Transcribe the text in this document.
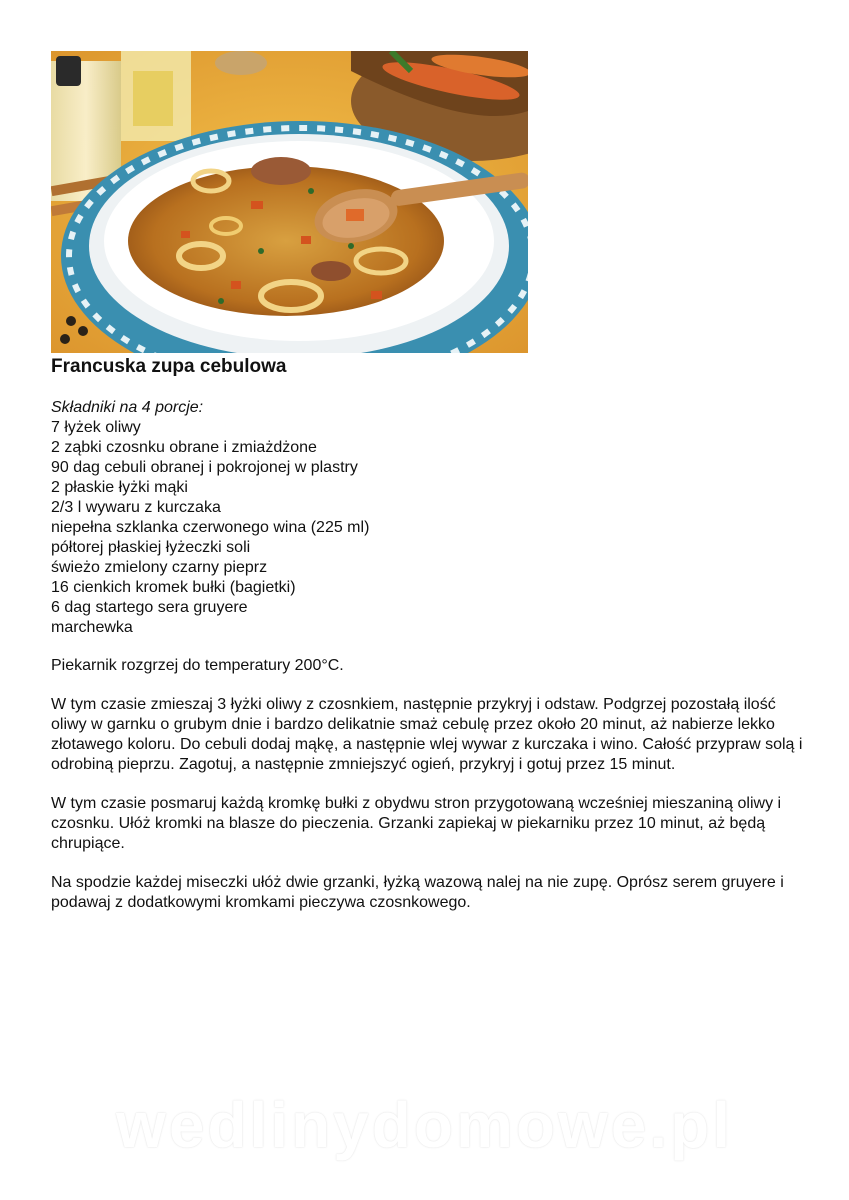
Francuska zupa cebulowa
Składniki na 4 porcje:
7 łyżek oliwy
2 ząbki czosnku obrane i zmiażdżone
90 dag cebuli obranej i pokrojonej w plastry
2 płaskie łyżki mąki
2/3 l wywaru z kurczaka
niepełna szklanka czerwonego wina (225 ml)
półtorej płaskiej łyżeczki soli
świeżo zmielony czarny pieprz
16 cienkich kromek bułki (bagietki)
6 dag startego sera gruyere
marchewka

Piekarnik rozgrzej do temperatury 200°C.

W tym czasie zmieszaj 3 łyżki oliwy z czosnkiem, następnie przykryj i odstaw. Podgrzej pozostałą ilość oliwy w garnku o grubym dnie i bardzo delikatnie smaż cebulę przez około 20 minut, aż nabierze lekko złotawego koloru. Do cebuli dodaj mąkę, a następnie wlej wywar z kurczaka i wino. Całość przypraw solą i odrobiną pieprzu. Zagotuj, a następnie zmniejszyć ogień, przykryj i gotuj przez 15 minut.

W tym czasie posmaruj każdą kromkę bułki z obydwu stron przygotowaną wcześniej mieszaniną oliwy i czosnku. Ułóż kromki na blasze do pieczenia. Grzanki zapiekaj w piekarniku przez 10 minut, aż będą chrupiące.

Na spodzie każdej miseczki ułóż dwie grzanki, łyżką wazową nalej na nie zupę. Oprósz serem gruyere i podawaj z dodatkowymi kromkami pieczywa czosnkowego.

wedlinydomowe.pl
